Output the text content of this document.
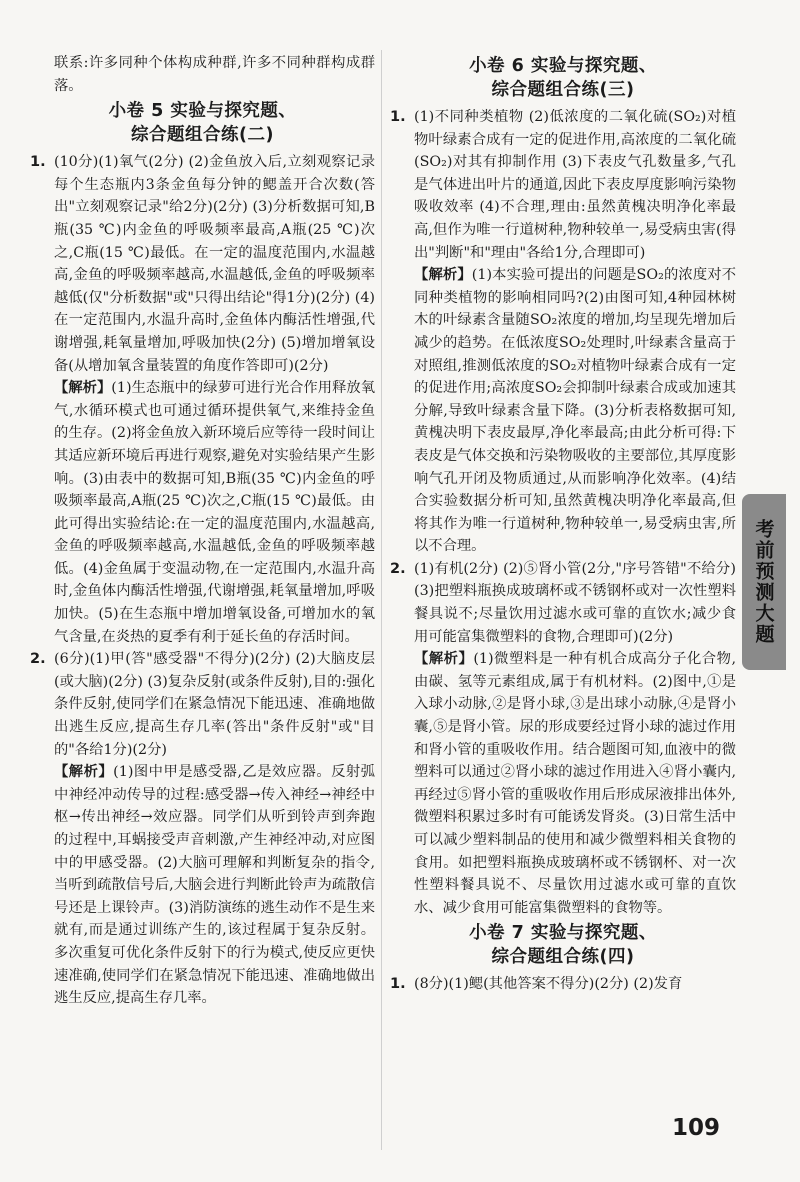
联系:许多同种个体构成种群,许多不同种群构成群落。

小卷 5 实验与探究题、
综合题组合练(二)
1. (10分)(1)氧气(2分) (2)金鱼放入后,立刻观察记录每个生态瓶内3条金鱼每分钟的鳃盖开合次数(答出"立刻观察记录"给2分)(2分) (3)分析数据可知,B瓶(35 ℃)内金鱼的呼吸频率最高,A瓶(25 ℃)次之,C瓶(15 ℃)最低。在一定的温度范围内,水温越高,金鱼的呼吸频率越高,水温越低,金鱼的呼吸频率越低(仅"分析数据"或"只得出结论"得1分)(2分) (4)在一定范围内,水温升高时,金鱼体内酶活性增强,代谢增强,耗氧量增加,呼吸加快(2分) (5)增加增氧设备(从增加氧含量装置的角度作答即可)(2分)

【解析】(1)生态瓶中的绿萝可进行光合作用释放氧气,水循环模式也可通过循环提供氧气,来维持金鱼的生存。(2)将金鱼放入新环境后应等待一段时间让其适应新环境后再进行观察,避免对实验结果产生影响。(3)由表中的数据可知,B瓶(35 ℃)内金鱼的呼吸频率最高,A瓶(25 ℃)次之,C瓶(15 ℃)最低。由此可得出实验结论:在一定的温度范围内,水温越高,金鱼的呼吸频率越高,水温越低,金鱼的呼吸频率越低。(4)金鱼属于变温动物,在一定范围内,水温升高时,金鱼体内酶活性增强,代谢增强,耗氧量增加,呼吸加快。(5)在生态瓶中增加增氧设备,可增加水的氧气含量,在炎热的夏季有利于延长鱼的存活时间。

2. (6分)(1)甲(答"感受器"不得分)(2分) (2)大脑皮层(或大脑)(2分) (3)复杂反射(或条件反射),目的:强化条件反射,使同学们在紧急情况下能迅速、准确地做出逃生反应,提高生存几率(答出"条件反射"或"目的"各给1分)(2分)

【解析】(1)图中甲是感受器,乙是效应器。反射弧中神经冲动传导的过程:感受器→传入神经→神经中枢→传出神经→效应器。同学们从听到铃声到奔跑的过程中,耳蜗接受声音刺激,产生神经冲动,对应图中的甲感受器。(2)大脑可理解和判断复杂的指令,当听到疏散信号后,大脑会进行判断此铃声为疏散信号还是上课铃声。(3)消防演练的逃生动作不是生来就有,而是通过训练产生的,该过程属于复杂反射。多次重复可优化条件反射下的行为模式,使反应更快速准确,使同学们在紧急情况下能迅速、准确地做出逃生反应,提高生存几率。

小卷 6 实验与探究题、
综合题组合练(三)
1. (1)不同种类植物 (2)低浓度的二氧化硫(SO₂)对植物叶绿素合成有一定的促进作用,高浓度的二氧化硫(SO₂)对其有抑制作用 (3)下表皮气孔数量多,气孔是气体进出叶片的通道,因此下表皮厚度影响污染物吸收效率 (4)不合理,理由:虽然黄槐决明净化率最高,但作为唯一行道树种,物种较单一,易受病虫害(得出"判断"和"理由"各给1分,合理即可)

【解析】(1)本实验可提出的问题是SO₂的浓度对不同种类植物的影响相同吗?(2)由图可知,4种园林树木的叶绿素含量随SO₂浓度的增加,均呈现先增加后减少的趋势。在低浓度SO₂处理时,叶绿素含量高于对照组,推测低浓度的SO₂对植物叶绿素合成有一定的促进作用;高浓度SO₂会抑制叶绿素合成或加速其分解,导致叶绿素含量下降。(3)分析表格数据可知,黄槐决明下表皮最厚,净化率最高;由此分析可得:下表皮是气体交换和污染物吸收的主要部位,其厚度影响气孔开闭及物质通过,从而影响净化效率。(4)结合实验数据分析可知,虽然黄槐决明净化率最高,但将其作为唯一行道树种,物种较单一,易受病虫害,所以不合理。

2. (1)有机(2分) (2)⑤肾小管(2分,"序号答错"不给分) (3)把塑料瓶换成玻璃杯或不锈钢杯或对一次性塑料餐具说不;尽量饮用过滤水或可靠的直饮水;减少食用可能富集微塑料的食物,合理即可)(2分)

【解析】(1)微塑料是一种有机合成高分子化合物,由碳、氢等元素组成,属于有机材料。(2)图中,①是入球小动脉,②是肾小球,③是出球小动脉,④是肾小囊,⑤是肾小管。尿的形成要经过肾小球的滤过作用和肾小管的重吸收作用。结合题图可知,血液中的微塑料可以通过②肾小球的滤过作用进入④肾小囊内,再经过⑤肾小管的重吸收作用后形成尿液排出体外,微塑料积累过多时有可能诱发肾炎。(3)日常生活中可以减少塑料制品的使用和减少微塑料相关食物的食用。如把塑料瓶换成玻璃杯或不锈钢杯、对一次性塑料餐具说不、尽量饮用过滤水或可靠的直饮水、减少食用可能富集微塑料的食物等。

小卷 7 实验与探究题、
综合题组合练(四)
1. (8分)(1)鳃(其他答案不得分)(2分) (2)发育

考前预测大题
109
